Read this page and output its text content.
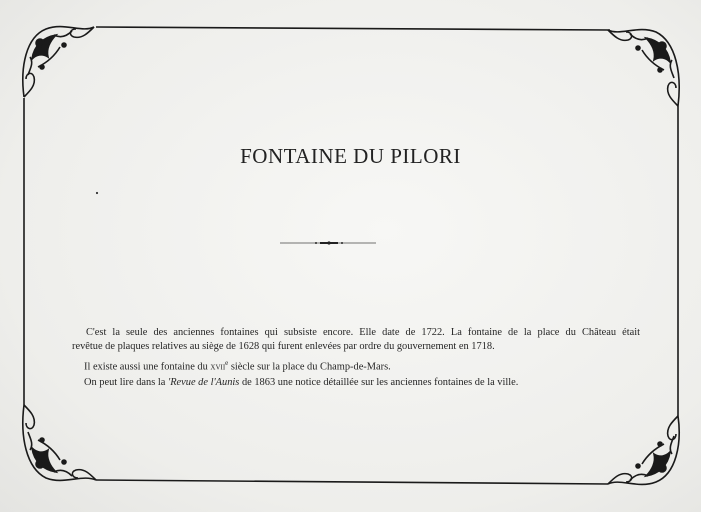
FONTAINE DU PILORI

C'est la seule des anciennes fontaines qui subsiste encore. Elle date de 1722. La fontaine de la place du Château était
revêtue de plaques relatives au siège de 1628 qui furent enlevées par ordre du gouvernement en 1718.

Il existe aussi une fontaine du xvii$^e$ siècle sur la place du Champ-de-Mars.

On peut lire dans la 'Revue de l'Aunis de 1863 une notice détaillée sur les anciennes fontaines de la ville.
